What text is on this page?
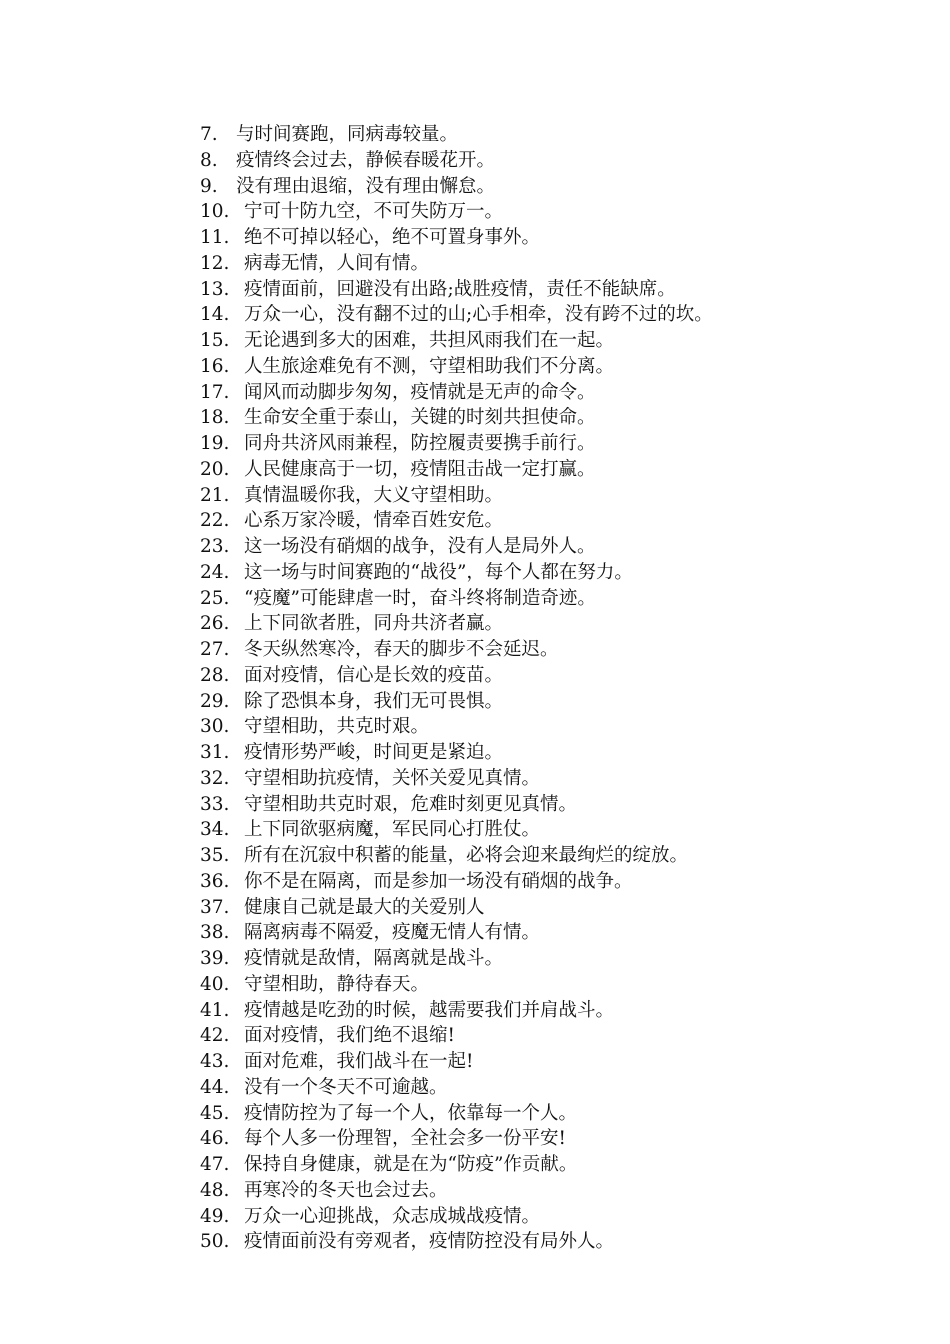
7. 与时间赛跑，同病毒较量。
8. 疫情终会过去，静候春暖花开。
9. 没有理由退缩，没有理由懈怠。
10. 宁可十防九空，不可失防万一。
11. 绝不可掉以轻心，绝不可置身事外。
12. 病毒无情，人间有情。
13. 疫情面前，回避没有出路;战胜疫情，责任不能缺席。
14. 万众一心，没有翻不过的山;心手相牵，没有跨不过的坎。
15. 无论遇到多大的困难，共担风雨我们在一起。
16. 人生旅途难免有不测，守望相助我们不分离。
17. 闻风而动脚步匆匆，疫情就是无声的命令。
18. 生命安全重于泰山，关键的时刻共担使命。
19. 同舟共济风雨兼程，防控履责要携手前行。
20. 人民健康高于一切，疫情阻击战一定打赢。
21. 真情温暖你我，大义守望相助。
22. 心系万家冷暖，情牵百姓安危。
23. 这一场没有硝烟的战争，没有人是局外人。
24. 这一场与时间赛跑的“战役”，每个人都在努力。
25. “疫魔”可能肆虐一时，奋斗终将制造奇迹。
26. 上下同欲者胜，同舟共济者赢。
27. 冬天纵然寒冷，春天的脚步不会延迟。
28. 面对疫情，信心是长效的疫苗。
29. 除了恐惧本身，我们无可畏惧。
30. 守望相助，共克时艰。
31. 疫情形势严峻，时间更是紧迫。
32. 守望相助抗疫情，关怀关爱见真情。
33. 守望相助共克时艰，危难时刻更见真情。
34. 上下同欲驱病魔，军民同心打胜仗。
35. 所有在沉寂中积蓄的能量，必将会迎来最绚烂的绽放。
36. 你不是在隔离，而是参加一场没有硝烟的战争。
37. 健康自己就是最大的关爱别人
38. 隔离病毒不隔爱，疫魔无情人有情。
39. 疫情就是敌情，隔离就是战斗。
40. 守望相助，静待春天。
41. 疫情越是吃劲的时候，越需要我们并肩战斗。
42. 面对疫情，我们绝不退缩!
43. 面对危难，我们战斗在一起!
44. 没有一个冬天不可逾越。
45. 疫情防控为了每一个人，依靠每一个人。
46. 每个人多一份理智，全社会多一份平安!
47. 保持自身健康，就是在为“防疫”作贡献。
48. 再寒冷的冬天也会过去。
49. 万众一心迎挑战，众志成城战疫情。
50. 疫情面前没有旁观者，疫情防控没有局外人。
